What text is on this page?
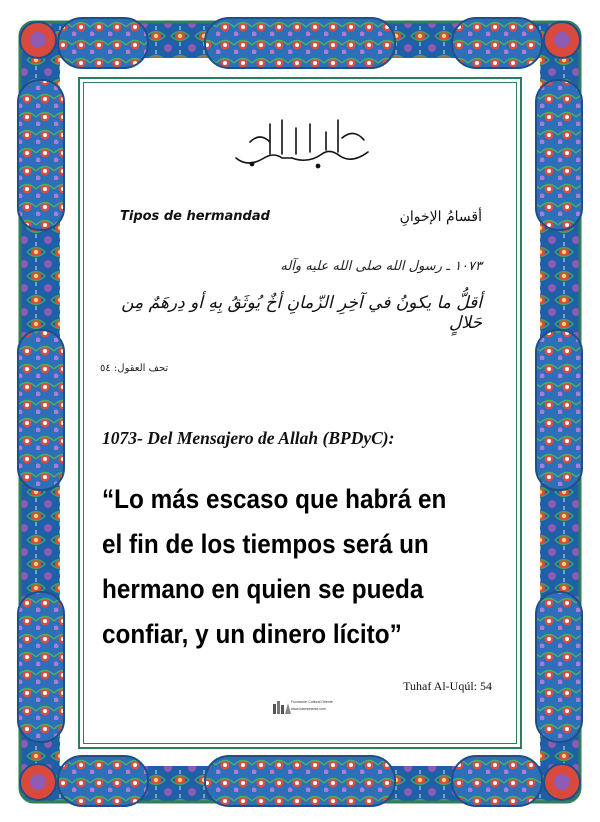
Tipos de hermandad	أقسامُ الإخوانِ

١٠٧٣ ـ رسول الله صلى الله عليه وآله

أقلُّ ما يكونُ في آخِرِ الزّمانِ أخٌ يُوثَقُ بِهِ أو دِرهَمٌ مِن حَلالٍ

تحف العقول: ٥٤

1073- Del Mensajero de Allah (BPDyC):

“Lo más escaso que habrá en
el fin de los tiempos será un
hermano en quien se pueda
confiar, y un dinero lícito”

Tuhaf Al-Uqúl: 54

Fundación Cultural Oriente

www.islamoriente.com
